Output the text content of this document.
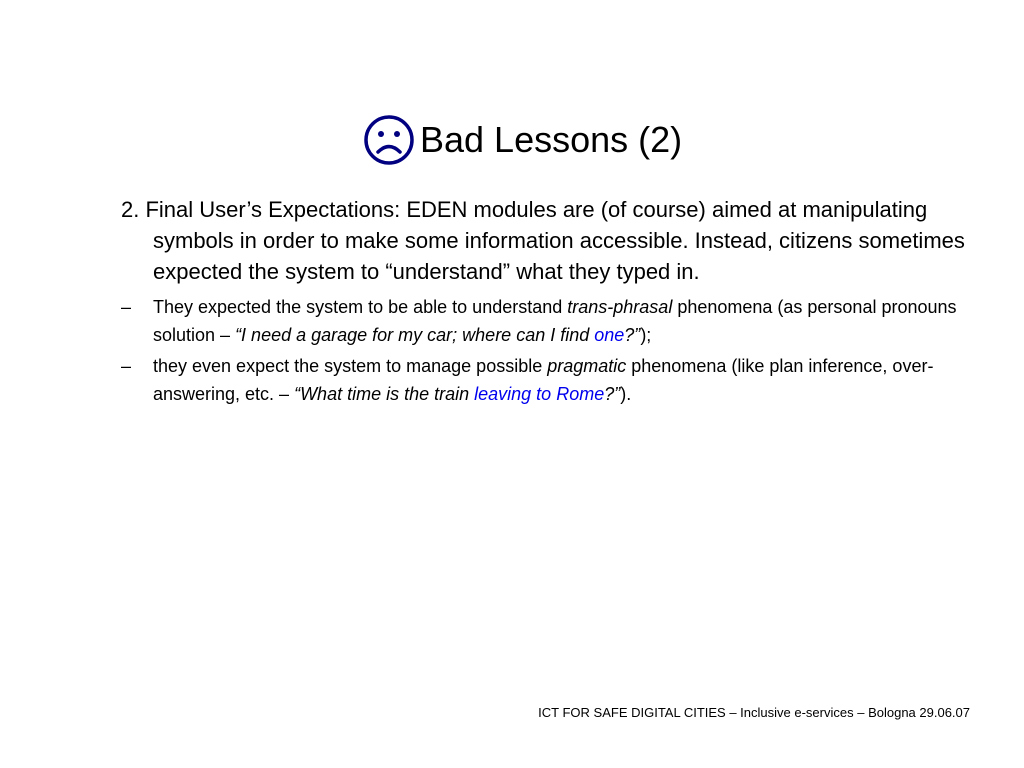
Bad Lessons (2)

2. Final User’s Expectations: EDEN modules are (of course) aimed at manipulating symbols in order to make some information accessible. Instead, citizens sometimes expected the system to “understand” what they typed in.

– They expected the system to be able to understand trans-phrasal phenomena (as personal pronouns solution – “I need a garage for my car; where can I find one?”);

– they even expect the system to manage possible pragmatic phenomena (like plan inference, over-answering, etc. – “What time is the train leaving to Rome?”).

ICT FOR SAFE DIGITAL CITIES – Inclusive e-services – Bologna 29.06.07
